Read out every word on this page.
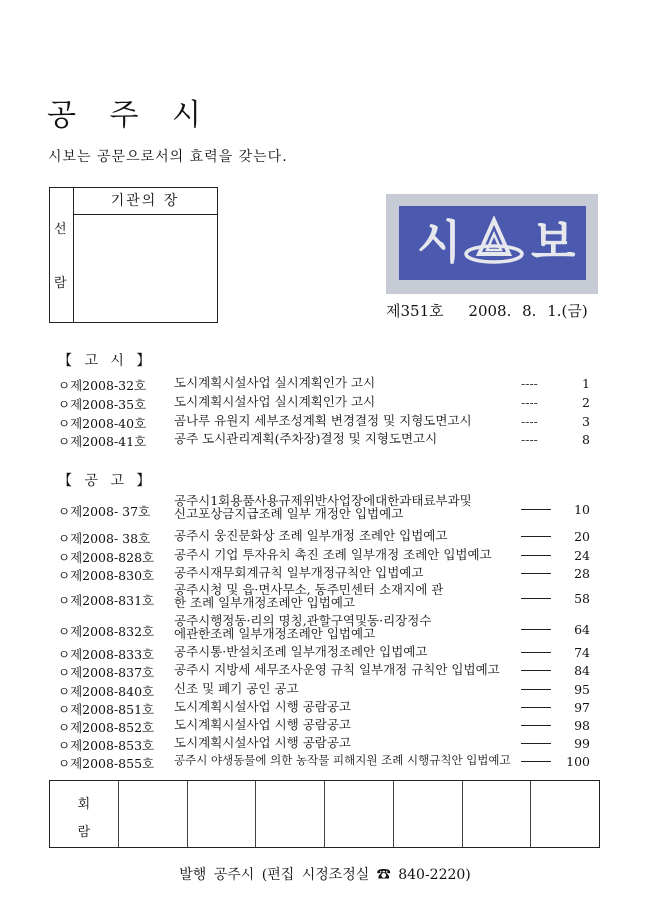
공 주 시
시보는 공문으로서의 효력을 갖는다.
선
람
기관의 장
시 보
제351호 2008. 8. 1.(금)
【 고 시 】
ㅇ제2008-32호 도시계획시설사업 실시계획인가 고시	----	1
ㅇ제2008-35호 도시계획시설사업 실시계획인가 고시	----	2
ㅇ제2008-40호 곰나루 유원지 세부조성계획 변경결정 및 지형도면고시	----	3
ㅇ제2008-41호 공주 도시관리계획(주차장)결정 및 지형도면고시	----	8
【 공 고 】
ㅇ제2008- 37호
공주시1회용품사용규제위반사업장에대한과태료부과및
신고포상금지급조례 일부 개정안 입법예고	10
ㅇ제2008- 38호 공주시 웅진문화상 조례 일부개정 조례안 입법예고	20
ㅇ제2008-828호 공주시 기업 투자유치 촉진 조례 일부개정 조례안 입법예고	24
ㅇ제2008-830호 공주시재무회계규칙 일부개정규칙안 입법예고	28
ㅇ제2008-831호
공주시청 및 읍·면사무소, 동주민센터 소재지에 관
한 조례 일부개정조례안 입법예고	58
ㅇ제2008-832호
공주시행정동·리의 명칭,관할구역및동·리장정수
에관한조례 일부개정조례안 입법예고	64
ㅇ제2008-833호 공주시통·반설치조례 일부개정조례안 입법예고	74
ㅇ제2008-837호 공주시 지방세 세무조사운영 규칙 일부개정 규칙안 입법예고	84
ㅇ제2008-840호 신조 및 폐기 공인 공고	95
ㅇ제2008-851호 도시계획시설사업 시행 공람공고	97
ㅇ제2008-852호 도시계획시설사업 시행 공람공고	98
ㅇ제2008-853호 도시계획시설사업 시행 공람공고	99
ㅇ제2008-855호 공주시 야생동물에 의한 농작물 피해지원 조례 시행규칙안 입법예고	100
회
람
발행 공주시 (편집 시정조정실 ☎ 840-2220)
